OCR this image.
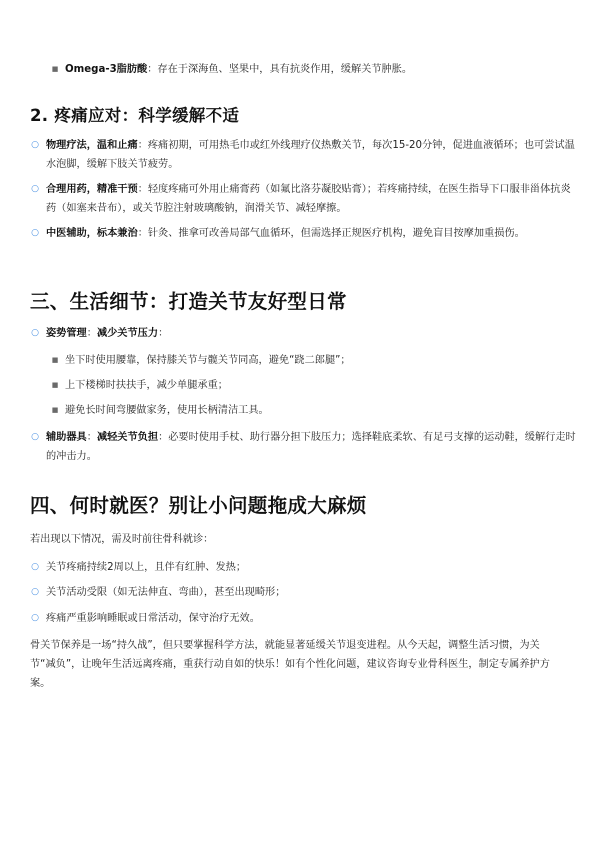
■ Omega-3脂肪酸：存在于深海鱼、坚果中，具有抗炎作用，缓解关节肿胀。
2. 疼痛应对：科学缓解不适
○ 物理疗法，温和止痛：疼痛初期，可用热毛巾或红外线理疗仪热敷关节，每次15-20分钟，促进血液循环；也可尝试温水泡脚，缓解下肢关节疲劳。
○ 合理用药，精准干预：轻度疼痛可外用止痛膏药（如氟比洛芬凝胶贴膏）；若疼痛持续，在医生指导下口服非甾体抗炎药（如塞来昔布），或关节腔注射玻璃酸钠，润滑关节、减轻摩擦。
○ 中医辅助，标本兼治：针灸、推拿可改善局部气血循环，但需选择正规医疗机构，避免盲目按摩加重损伤。
三、生活细节：打造关节友好型日常
○ 姿势管理：减少关节压力：
■ 坐下时使用腰靠，保持膝关节与髋关节同高，避免“跷二郎腿”；
■ 上下楼梯时扶扶手，减少单腿承重；
■ 避免长时间弯腰做家务，使用长柄清洁工具。
○ 辅助器具：减轻关节负担：必要时使用手杖、助行器分担下肢压力；选择鞋底柔软、有足弓支撑的运动鞋，缓解行走时的冲击力。
四、何时就医？别让小问题拖成大麻烦

若出现以下情况，需及时前往骨科就诊：

○ 关节疼痛持续2周以上，且伴有红肿、发热；
○ 关节活动受限（如无法伸直、弯曲），甚至出现畸形；
○ 疼痛严重影响睡眠或日常活动，保守治疗无效。

骨关节保养是一场“持久战”，但只要掌握科学方法，就能显著延缓关节退变进程。从今天起，调整生活习惯，为关节“减负”，让晚年生活远离疼痛，重获行动自如的快乐！如有个性化问题，建议咨询专业骨科医生，制定专属养护方案。
